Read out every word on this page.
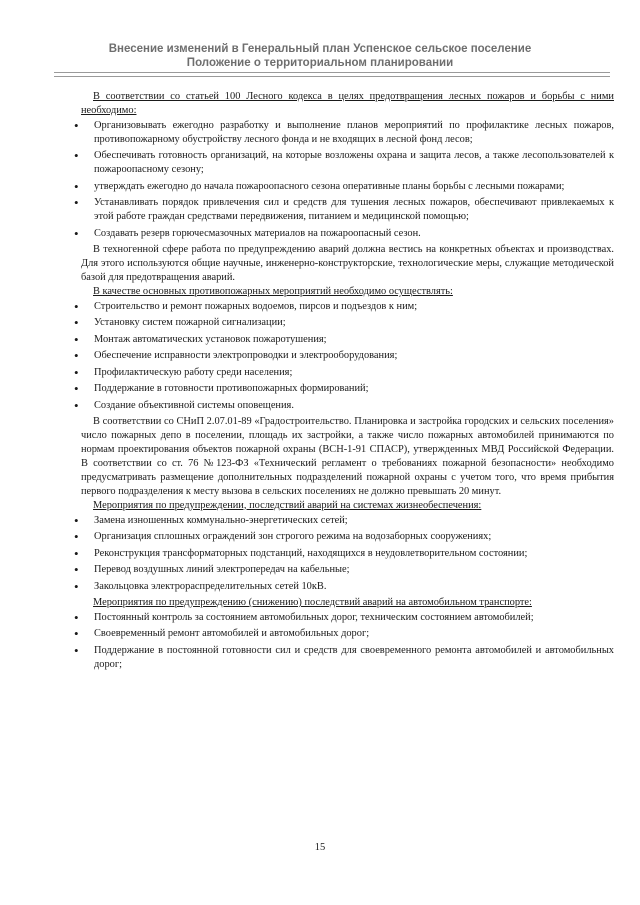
Внесение изменений в Генеральный план Успенское сельское поселение
Положение о территориальном планировании

В соответствии со статьей 100 Лесного кодекса в целях предотвращения лесных пожаров и борьбы с ними необходимо:

• Организовывать ежегодно разработку и выполнение планов мероприятий по профилактике лесных пожаров, противопожарному обустройству лесного фонда и не входящих в лесной фонд лесов;
• Обеспечивать готовность организаций, на которые возложены охрана и защита лесов, а также лесопользователей к пожароопасному сезону;
• утверждать ежегодно до начала пожароопасного сезона оперативные планы борьбы с лесными пожарами;
• Устанавливать порядок привлечения сил и средств для тушения лесных пожаров, обеспечивают привлекаемых к этой работе граждан средствами передвижения, питанием и медицинской помощью;
• Создавать резерв горючесмазочных материалов на пожароопасный сезон.

В техногенной сфере работа по предупреждению аварий должна вестись на конкретных объектах и производствах. Для этого используются общие научные, инженерно-конструкторские, технологические меры, служащие методической базой для предотвращения аварий.

В качестве основных противопожарных мероприятий необходимо осуществлять:

• Строительство и ремонт пожарных водоемов, пирсов и подъездов к ним;
• Установку систем пожарной сигнализации;
• Монтаж автоматических установок пожаротушения;
• Обеспечение исправности электропроводки и электрооборудования;
• Профилактическую работу среди населения;
• Поддержание в готовности противопожарных формирований;
• Создание объективной системы оповещения.

В соответствии со СНиП 2.07.01-89 «Градостроительство. Планировка и застройка городских и сельских поселения» число пожарных депо в поселении, площадь их застройки, а также число пожарных автомобилей принимаются по нормам проектирования объектов пожарной охраны (ВСН-1-91 СПАСР), утвержденных МВД Российской Федерации. В соответствии со ст. 76 №123-ФЗ «Технический регламент о требованиях пожарной безопасности» необходимо предусматривать размещение дополнительных подразделений пожарной охраны с учетом того, что время прибытия первого подразделения к месту вызова в сельских поселениях не должно превышать 20 минут.

Мероприятия по предупреждении, последствий аварий на системах жизнеобеспечения:

• Замена изношенных коммунально-энергетических сетей;
• Организация сплошных ограждений зон строгого режима на водозаборных сооружениях;
• Реконструкция трансформаторных подстанций, находящихся в неудовлетворительном состоянии;
• Перевод воздушных линий электропередач на кабельные;
• Закольцовка электрораспределительных сетей 10кВ.

Мероприятия по предупреждению (снижению) последствий аварий на автомобильном транспорте:

• Постоянный контроль за состоянием автомобильных дорог, техническим состоянием автомобилей;
• Своевременный ремонт автомобилей и автомобильных дорог;
• Поддержание в постоянной готовности сил и средств для своевременного ремонта автомобилей и автомобильных дорог;
15
